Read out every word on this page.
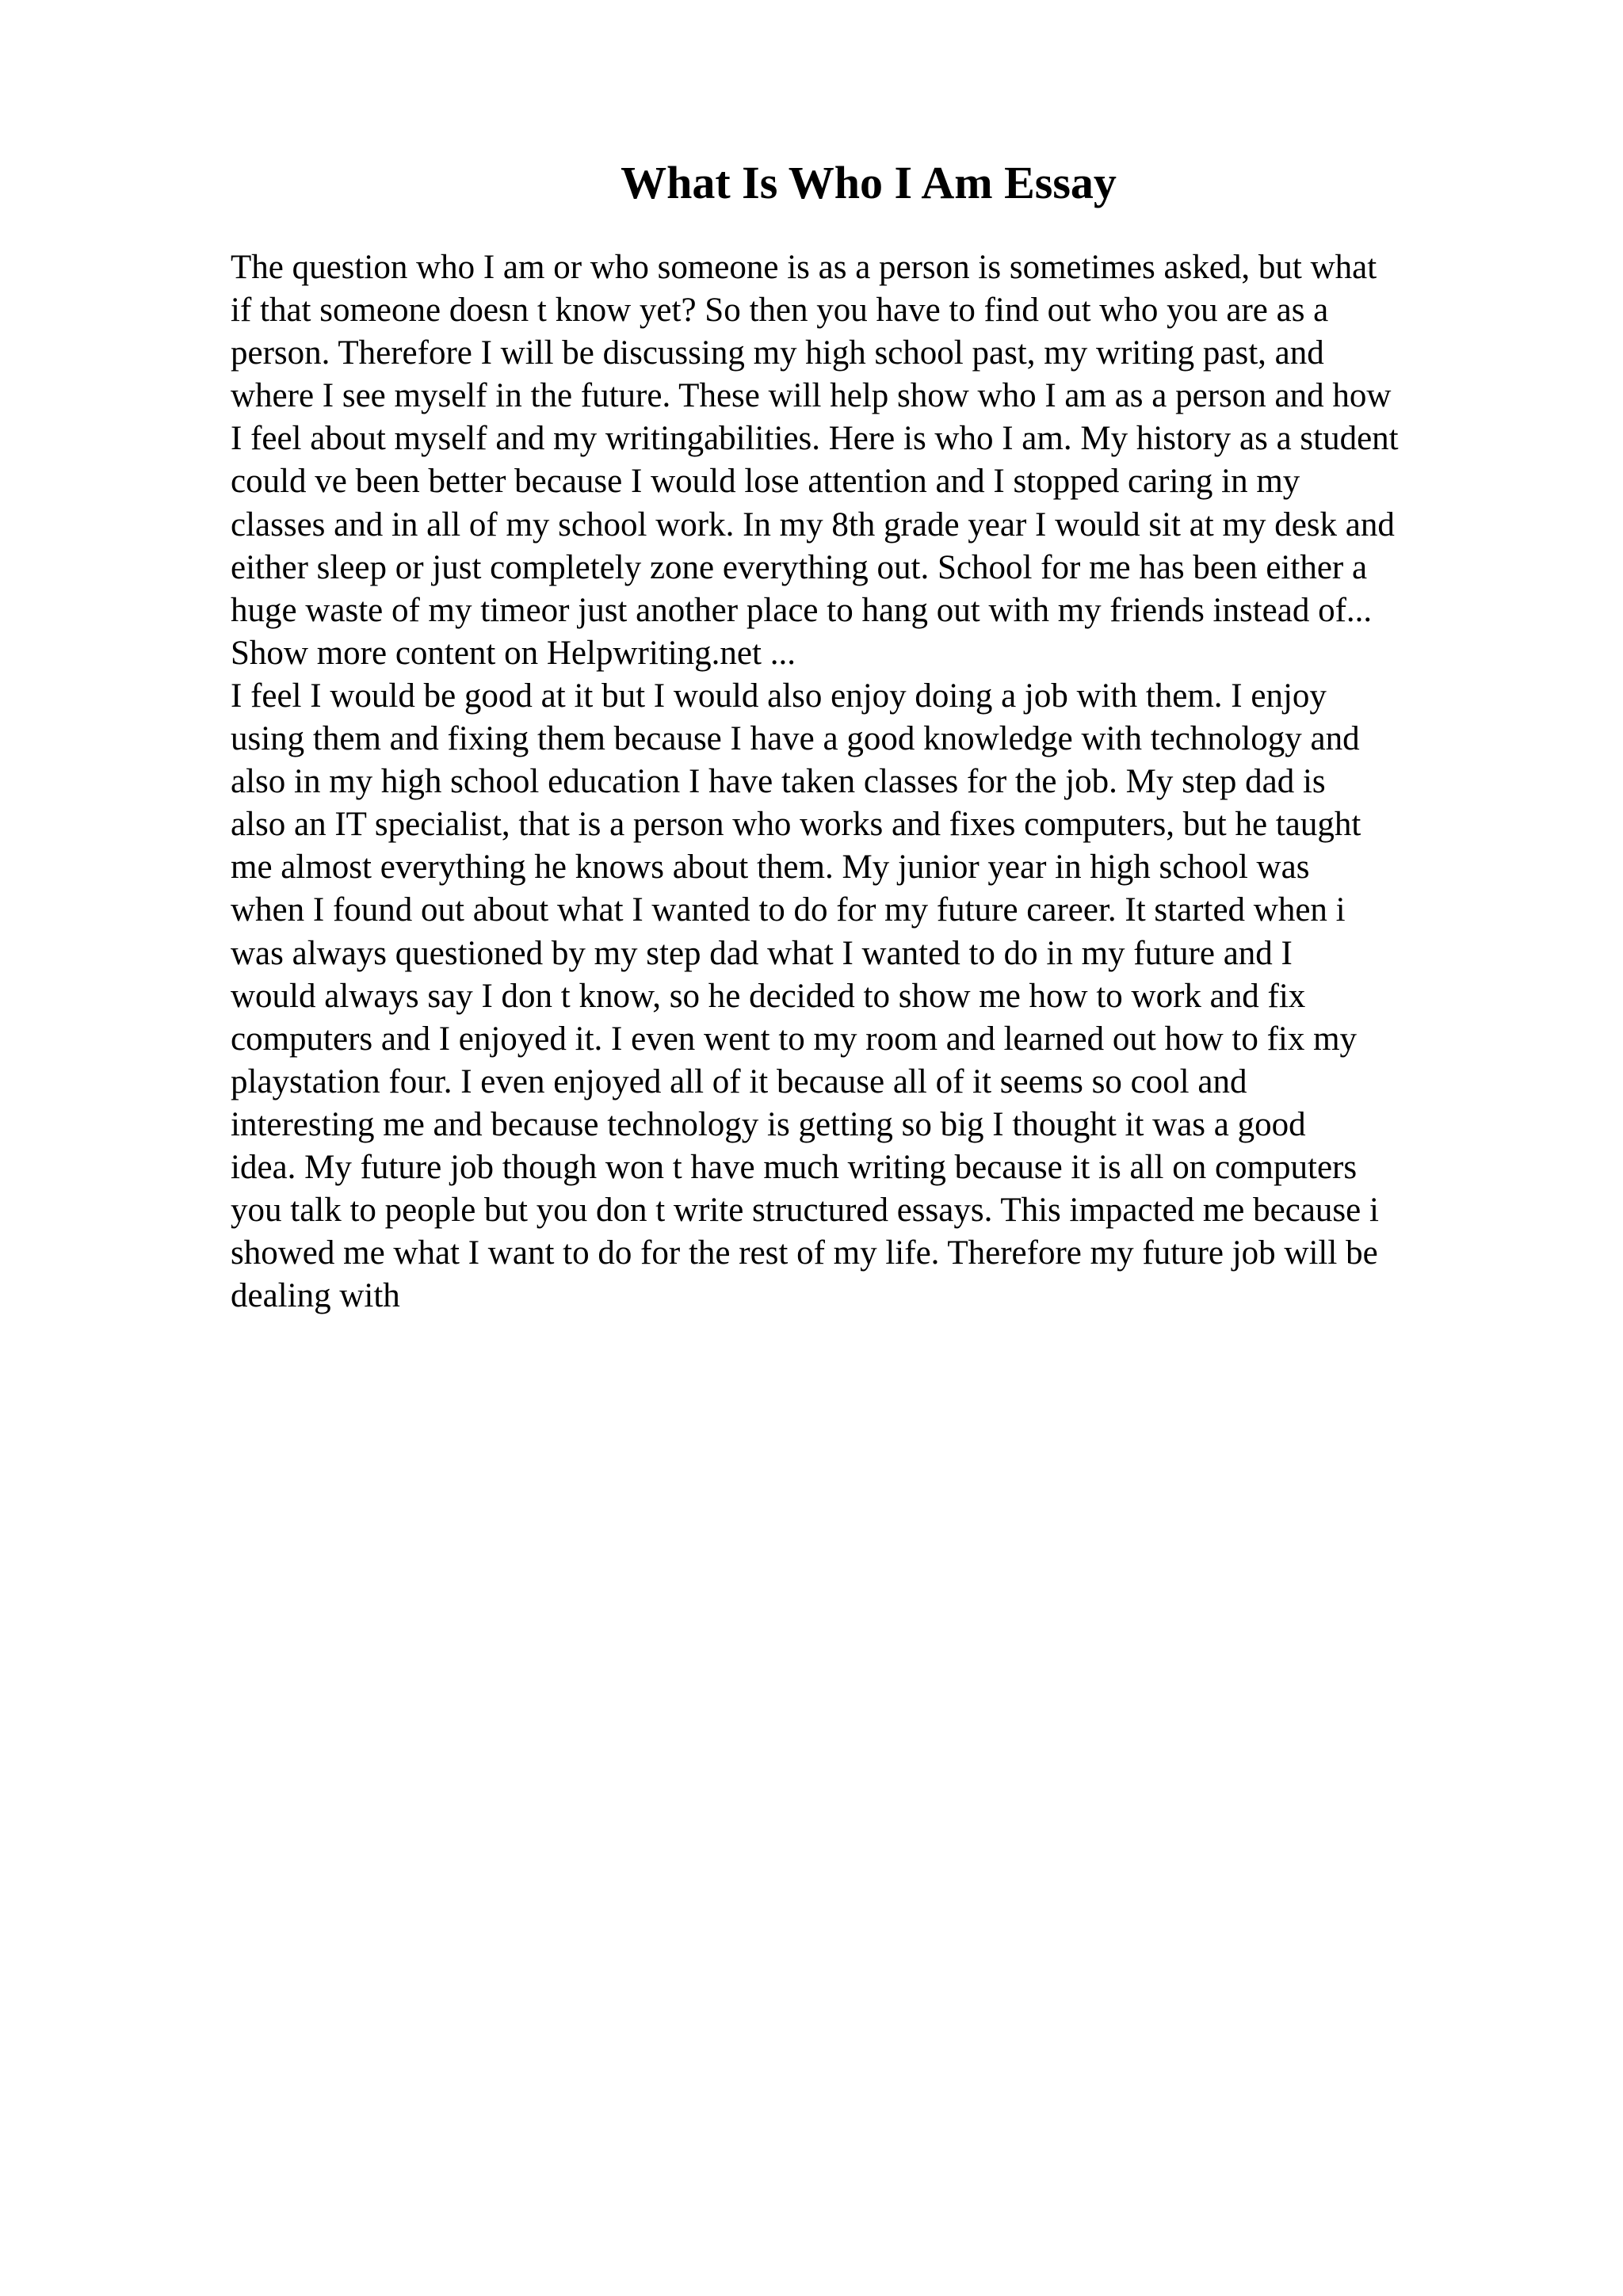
What Is Who I Am Essay
The question who I am or who someone is as a person is sometimes asked, but what
if that someone doesn t know yet? So then you have to find out who you are as a
person. Therefore I will be discussing my high school past, my writing past, and
where I see myself in the future. These will help show who I am as a person and how
I feel about myself and my writingabilities. Here is who I am. My history as a student
could ve been better because I would lose attention and I stopped caring in my
classes and in all of my school work. In my 8th grade year I would sit at my desk and
either sleep or just completely zone everything out. School for me has been either a
huge waste of my timeor just another place to hang out with my friends instead of...
Show more content on Helpwriting.net ...
I feel I would be good at it but I would also enjoy doing a job with them. I enjoy
using them and fixing them because I have a good knowledge with technology and
also in my high school education I have taken classes for the job. My step dad is
also an IT specialist, that is a person who works and fixes computers, but he taught
me almost everything he knows about them. My junior year in high school was
when I found out about what I wanted to do for my future career. It started when i
was always questioned by my step dad what I wanted to do in my future and I
would always say I don t know, so he decided to show me how to work and fix
computers and I enjoyed it. I even went to my room and learned out how to fix my
playstation four. I even enjoyed all of it because all of it seems so cool and
interesting me and because technology is getting so big I thought it was a good
idea. My future job though won t have much writing because it is all on computers
you talk to people but you don t write structured essays. This impacted me because i
showed me what I want to do for the rest of my life. Therefore my future job will be
dealing with
